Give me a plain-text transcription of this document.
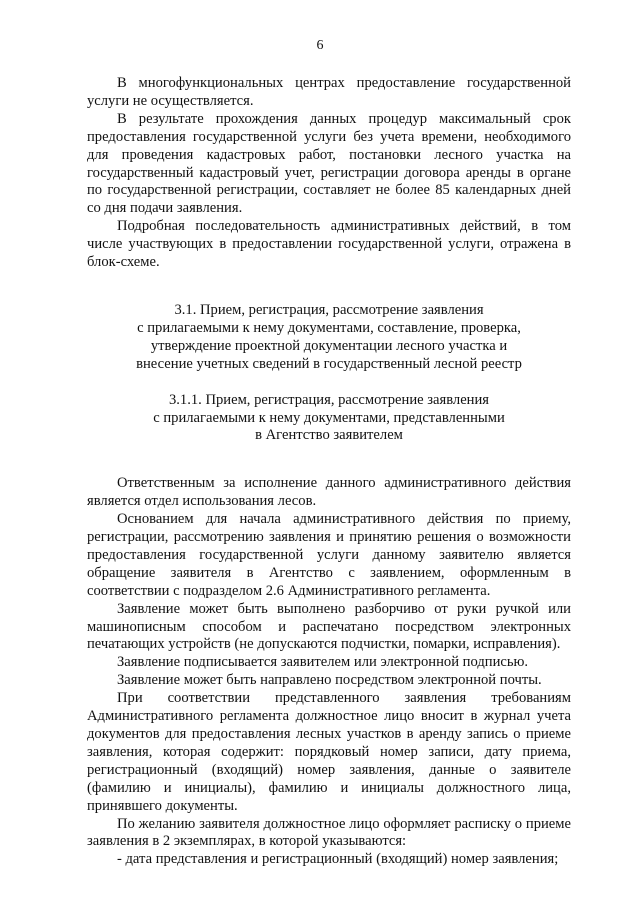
6

В многофункциональных центрах предоставление государственной услуги не осуществляется.

В результате прохождения данных процедур максимальный срок предоставления государственной услуги без учета времени, необходимого для проведения кадастровых работ, постановки лесного участка на государственный кадастровый учет, регистрации договора аренды в органе по государственной регистрации, составляет не более 85 календарных дней со дня подачи заявления.

Подробная последовательность административных действий, в том числе участвующих в предоставлении государственной услуги, отражена в блок-схеме.

3.1. Прием, регистрация, рассмотрение заявления
с прилагаемыми к нему документами, составление, проверка,
утверждение проектной документации лесного участка и
внесение учетных сведений в государственный лесной реестр

3.1.1. Прием, регистрация, рассмотрение заявления
с прилагаемыми к нему документами, представленными
в Агентство заявителем

Ответственным за исполнение данного административного действия является отдел использования лесов.

Основанием для начала административного действия по приему, регистрации, рассмотрению заявления и принятию решения о возможности предоставления государственной услуги данному заявителю является обращение заявителя в Агентство с заявлением, оформленным в соответствии с подразделом 2.6 Административного регламента.

Заявление может быть выполнено разборчиво от руки ручкой или машинописным способом и распечатано посредством электронных печатающих устройств (не допускаются подчистки, помарки, исправления).

Заявление подписывается заявителем или электронной подписью.

Заявление может быть направлено посредством электронной почты.

При соответствии представленного заявления требованиям Административного регламента должностное лицо вносит в журнал учета документов для предоставления лесных участков в аренду запись о приеме заявления, которая содержит: порядковый номер записи, дату приема, регистрационный (входящий) номер заявления, данные о заявителе (фамилию и инициалы), фамилию и инициалы должностного лица, принявшего документы.

По желанию заявителя должностное лицо оформляет расписку о приеме заявления в 2 экземплярах, в которой указываются:

- дата представления и регистрационный (входящий) номер заявления;
